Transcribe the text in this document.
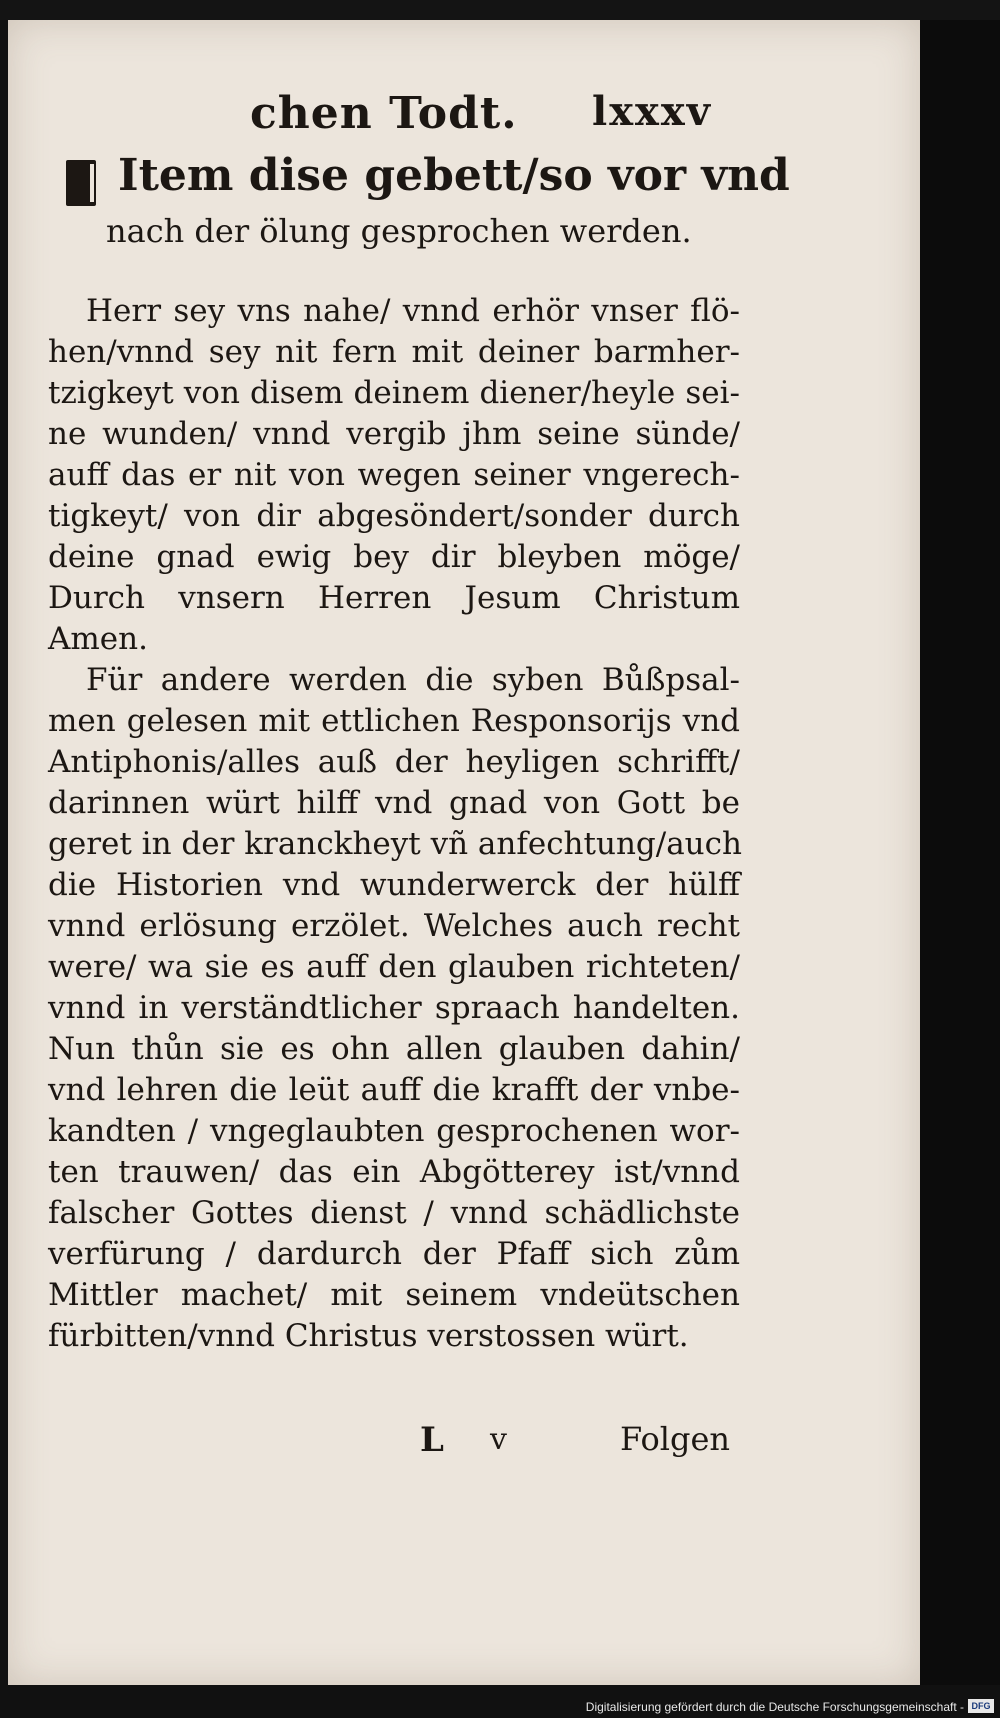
chen Todt. lxxxv
Item dise gebett/so vor vnd
nach der ölung gesprochen werden.
Herr sey vns nahe/ vnnd erhör vnser flö-
hen/vnnd sey nit fern mit deiner barmher-
tzigkeyt von disem deinem diener/heyle sei-
ne wunden/ vnnd vergib jhm seine sünde/
auff das er nit von wegen seiner vngerech-
tigkeyt/ von dir abgesöndert/sonder durch
deine gnad ewig bey dir bleyben möge/
Durch vnsern Herren Jesum Christum
Amen.
Für andere werden die syben Bůßpsal-
men gelesen mit ettlichen Responsorijs vnd
Antiphonis/alles auß der heyligen schrifft/
darinnen würt hilff vnd gnad von Gott be
geret in der kranckheyt vñ anfechtung/auch
die Historien vnd wunderwerck der hülff
vnnd erlösung erzölet. Welches auch recht
were/ wa sie es auff den glauben richteten/
vnnd in verständtlicher spraach handelten.
Nun thůn sie es ohn allen glauben dahin/
vnd lehren die leüt auff die krafft der vnbe-
kandten / vngeglaubten gesprochenen wor-
ten trauwen/ das ein Abgötterey ist/vnnd
falscher Gottes dienst / vnnd schädlichste
verfürung / dardurch der Pfaff sich zům
Mittler machet/ mit seinem vndeütschen
fürbitten/vnnd Christus verstossen würt.
L v	Folgen
Digitalisierung gefördert durch die Deutsche Forschungsgemeinschaft - DFG
